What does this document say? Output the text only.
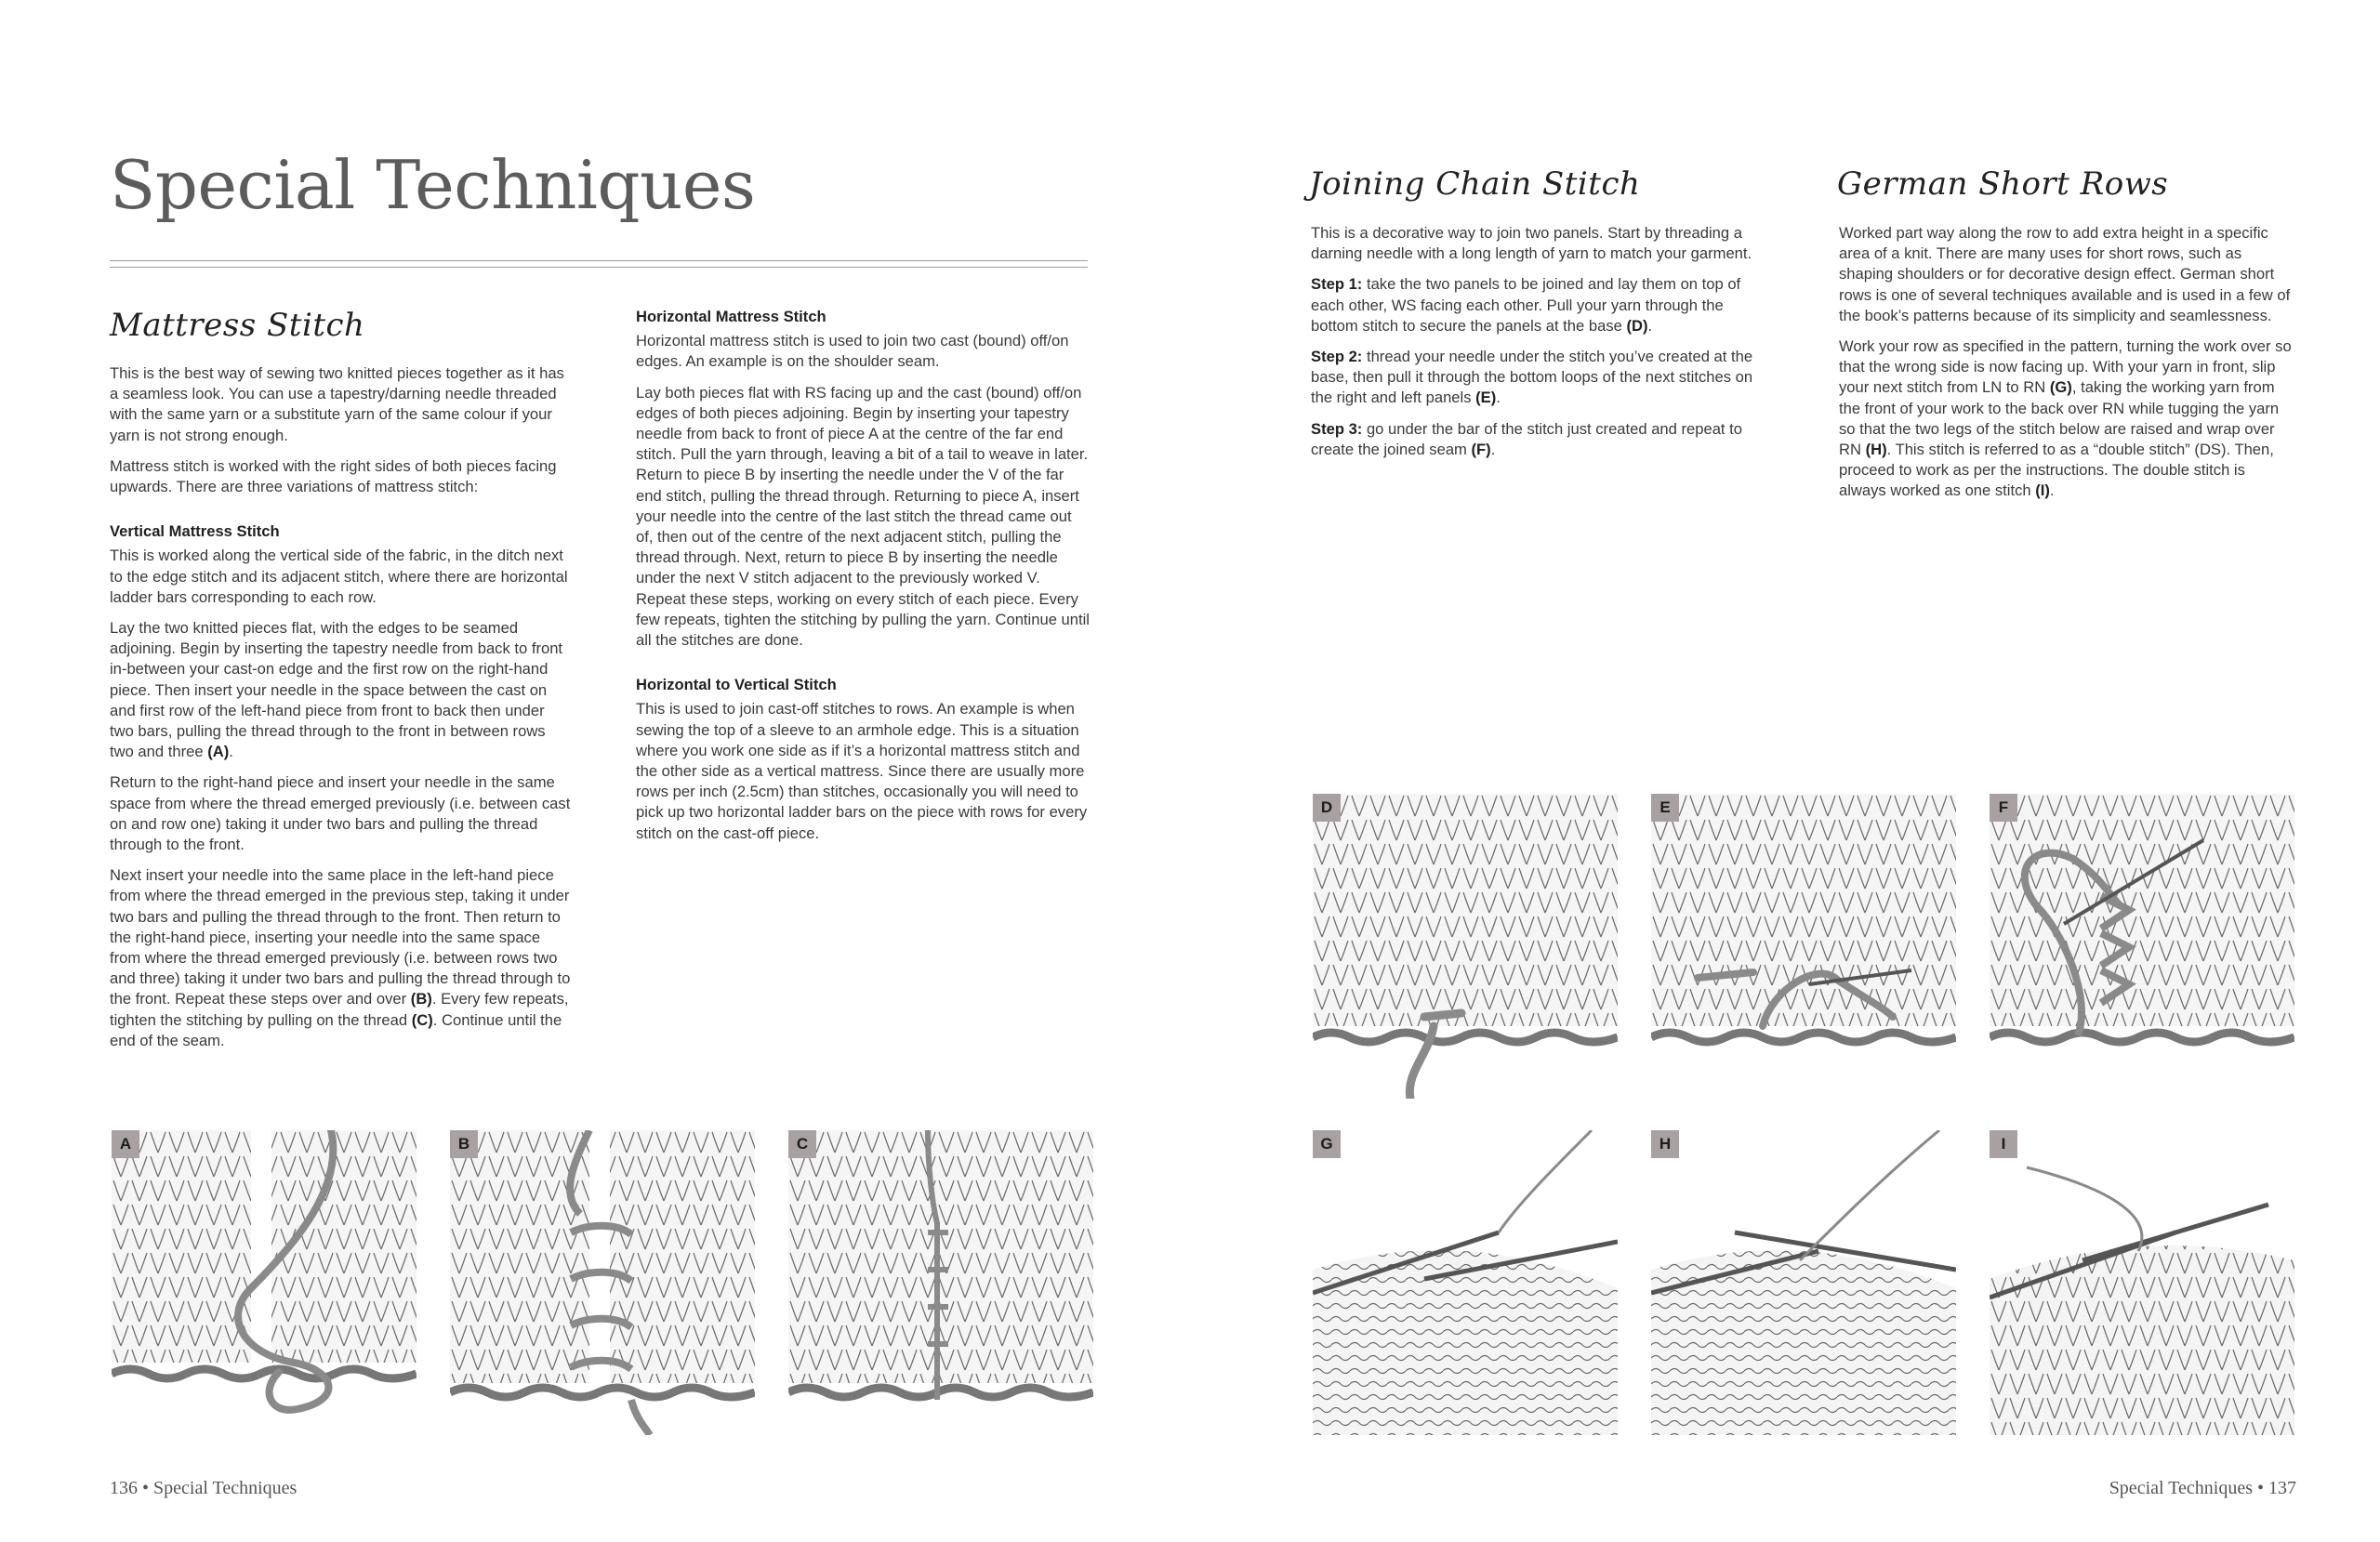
Special Techniques
Mattress Stitch

This is the best way of sewing two knitted pieces together as it has a seamless look. You can use a tapestry/darning needle threaded with the same yarn or a substitute yarn of the same colour if your yarn is not strong enough.

Mattress stitch is worked with the right sides of both pieces facing upwards. There are three variations of mattress stitch:

Vertical Mattress Stitch

This is worked along the vertical side of the fabric, in the ditch next to the edge stitch and its adjacent stitch, where there are horizontal ladder bars corresponding to each row.

Lay the two knitted pieces flat, with the edges to be seamed adjoining. Begin by inserting the tapestry needle from back to front in-between your cast-on edge and the first row on the right-hand piece. Then insert your needle in the space between the cast on and first row of the left-hand piece from front to back then under two bars, pulling the thread through to the front in between rows two and three (A).

Return to the right-hand piece and insert your needle in the same space from where the thread emerged previously (i.e. between cast on and row one) taking it under two bars and pulling the thread through to the front.

Next insert your needle into the same place in the left-hand piece from where the thread emerged in the previous step, taking it under two bars and pulling the thread through to the front. Then return to the right-hand piece, inserting your needle into the same space from where the thread emerged previously (i.e. between rows two and three) taking it under two bars and pulling the thread through to the front. Repeat these steps over and over (B). Every few repeats, tighten the stitching by pulling on the thread (C). Continue until the end of the seam.

Horizontal Mattress Stitch

Horizontal mattress stitch is used to join two cast (bound) off/on edges. An example is on the shoulder seam.

Lay both pieces flat with RS facing up and the cast (bound) off/on edges of both pieces adjoining. Begin by inserting your tapestry needle from back to front of piece A at the centre of the far end stitch. Pull the yarn through, leaving a bit of a tail to weave in later. Return to piece B by inserting the needle under the V of the far end stitch, pulling the thread through. Returning to piece A, insert your needle into the centre of the last stitch the thread came out of, then out of the centre of the next adjacent stitch, pulling the thread through. Next, return to piece B by inserting the needle under the next V stitch adjacent to the previously worked V. Repeat these steps, working on every stitch of each piece. Every few repeats, tighten the stitching by pulling the yarn. Continue until all the stitches are done.

Horizontal to Vertical Stitch

This is used to join cast-off stitches to rows. An example is when sewing the top of a sleeve to an armhole edge. This is a situation where you work one side as if it’s a horizontal mattress stitch and the other side as a vertical mattress. Since there are usually more rows per inch (2.5cm) than stitches, occasionally you will need to pick up two horizontal ladder bars on the piece with rows for every stitch on the cast-off piece.

A	B	C
136 • Special Techniques
Joining Chain Stitch

This is a decorative way to join two panels. Start by threading a darning needle with a long length of yarn to match your garment.

Step 1: take the two panels to be joined and lay them on top of each other, WS facing each other. Pull your yarn through the bottom stitch to secure the panels at the base (D).

Step 2: thread your needle under the stitch you’ve created at the base, then pull it through the bottom loops of the next stitches on the right and left panels (E).

Step 3: go under the bar of the stitch just created and repeat to create the joined seam (F).

German Short Rows

Worked part way along the row to add extra height in a specific area of a knit. There are many uses for short rows, such as shaping shoulders or for decorative design effect. German short rows is one of several techniques available and is used in a few of the book’s patterns because of its simplicity and seamlessness.

Work your row as specified in the pattern, turning the work over so that the wrong side is now facing up. With your yarn in front, slip your next stitch from LN to RN (G), taking the working yarn from the front of your work to the back over RN while tugging the yarn so that the two legs of the stitch below are raised and wrap over RN (H). This stitch is referred to as a “double stitch” (DS). Then, proceed to work as per the instructions. The double stitch is always worked as one stitch (I).

D	E	F
G	H	I
Special Techniques • 137
